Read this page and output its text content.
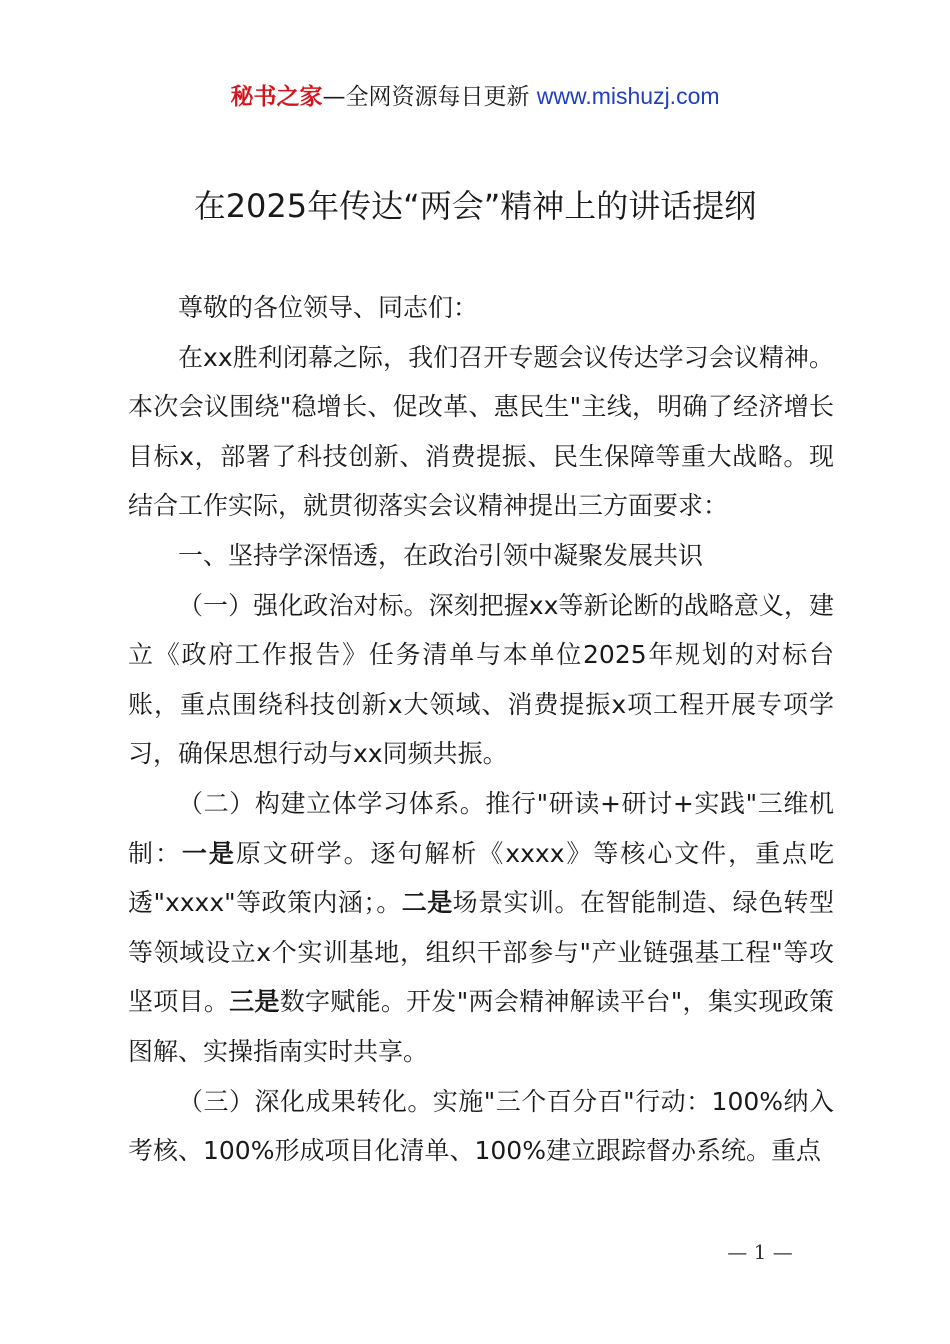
秘书之家—全网资源每日更新 www.mishuzj.com
在2025年传达“两会”精神上的讲话提纲

尊敬的各位领导、同志们：

在xx胜利闭幕之际，我们召开专题会议传达学习会议精神。本次会议围绕"稳增长、促改革、惠民生"主线，明确了经济增长目标x，部署了科技创新、消费提振、民生保障等重大战略。现结合工作实际，就贯彻落实会议精神提出三方面要求：

一、坚持学深悟透，在政治引领中凝聚发展共识

（一）强化政治对标。深刻把握xx等新论断的战略意义，建立《政府工作报告》任务清单与本单位2025年规划的对标台账，重点围绕科技创新x大领域、消费提振x项工程开展专项学习，确保思想行动与xx同频共振。

（二）构建立体学习体系。推行"研读+研讨+实践"三维机制：一是原文研学。逐句解析《xxxx》等核心文件，重点吃透"xxxx"等政策内涵；。二是场景实训。在智能制造、绿色转型等领域设立x个实训基地，组织干部参与"产业链强基工程"等攻坚项目。三是数字赋能。开发"两会精神解读平台"，集实现政策图解、实操指南实时共享。

（三）深化成果转化。实施"三个百分百"行动：100%纳入考核、100%形成项目化清单、100%建立跟踪督办系统。重点

— 1 —
